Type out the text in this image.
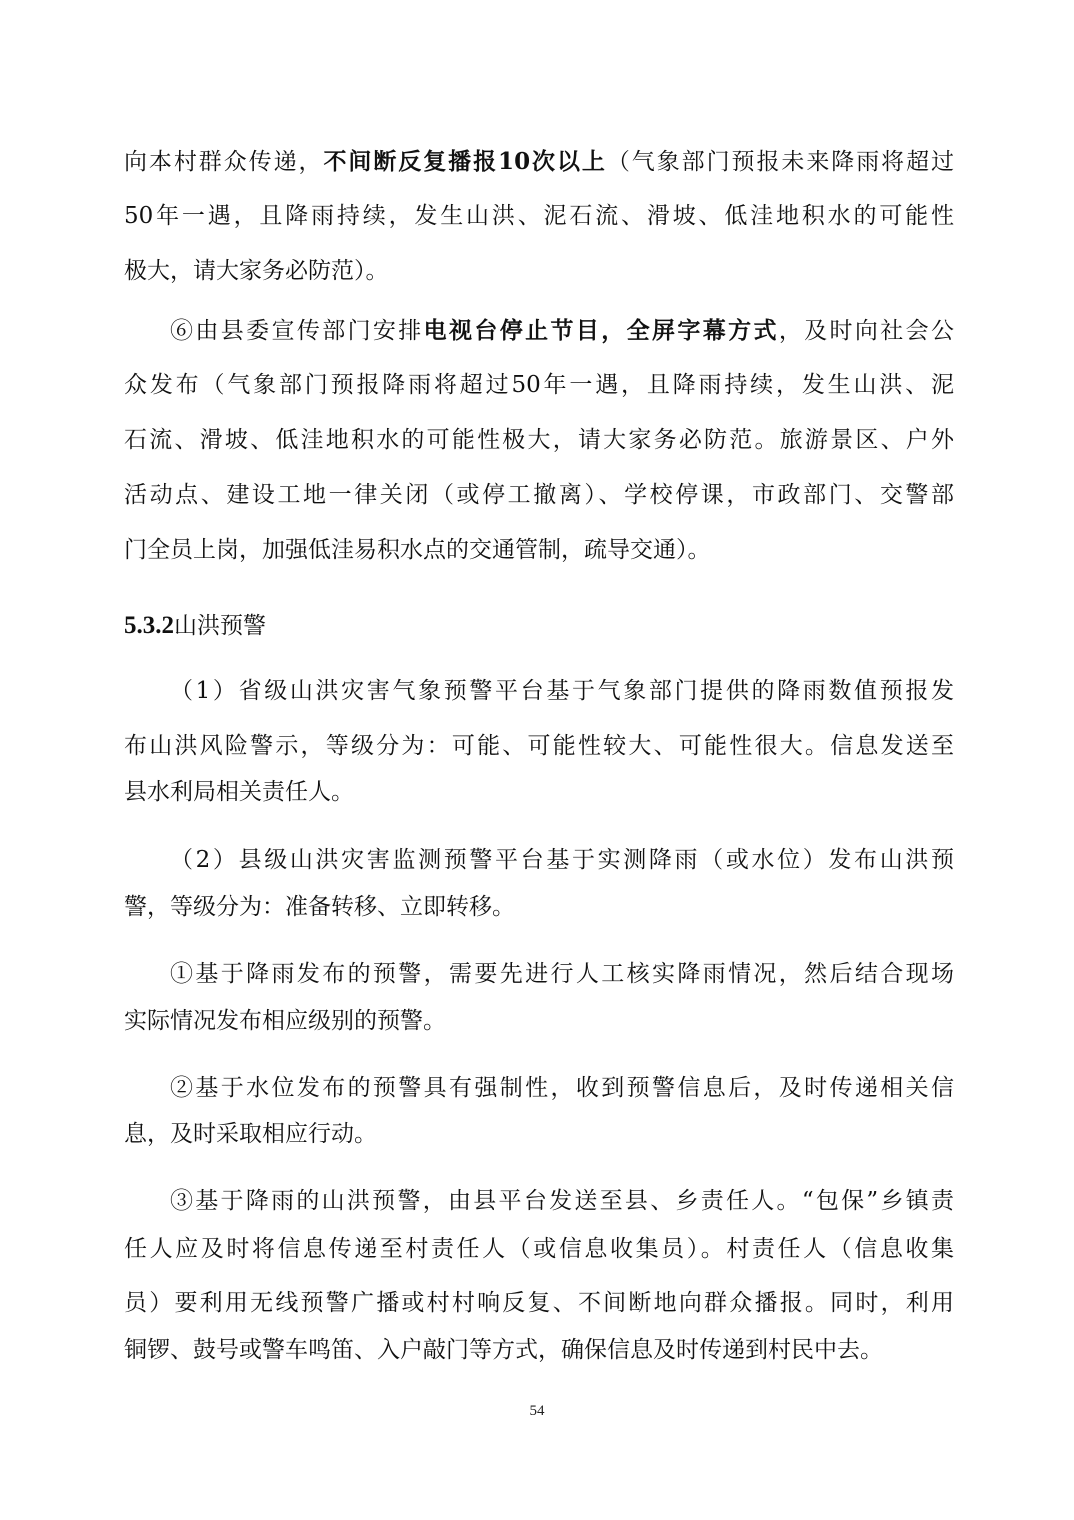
向本村群众传递，不间断反复播报10次以上（气象部门预报未来降雨将超过
50年一遇，且降雨持续，发生山洪、泥石流、滑坡、低洼地积水的可能性
极大，请大家务必防范）。
⑥由县委宣传部门安排电视台停止节目，全屏字幕方式，及时向社会公
众发布（气象部门预报降雨将超过50年一遇，且降雨持续，发生山洪、泥
石流、滑坡、低洼地积水的可能性极大，请大家务必防范。旅游景区、户外
活动点、建设工地一律关闭（或停工撤离）、学校停课，市政部门、交警部
门全员上岗，加强低洼易积水点的交通管制，疏导交通）。
5.3.2山洪预警
（1）省级山洪灾害气象预警平台基于气象部门提供的降雨数值预报发
布山洪风险警示，等级分为：可能、可能性较大、可能性很大。信息发送至
县水利局相关责任人。
（2）县级山洪灾害监测预警平台基于实测降雨（或水位）发布山洪预
警，等级分为：准备转移、立即转移。
①基于降雨发布的预警，需要先进行人工核实降雨情况，然后结合现场
实际情况发布相应级别的预警。
②基于水位发布的预警具有强制性，收到预警信息后，及时传递相关信
息，及时采取相应行动。
③基于降雨的山洪预警，由县平台发送至县、乡责任人。“包保”乡镇责
任人应及时将信息传递至村责任人（或信息收集员）。村责任人（信息收集
员）要利用无线预警广播或村村响反复、不间断地向群众播报。同时，利用
铜锣、鼓号或警车鸣笛、入户敲门等方式，确保信息及时传递到村民中去。
54
